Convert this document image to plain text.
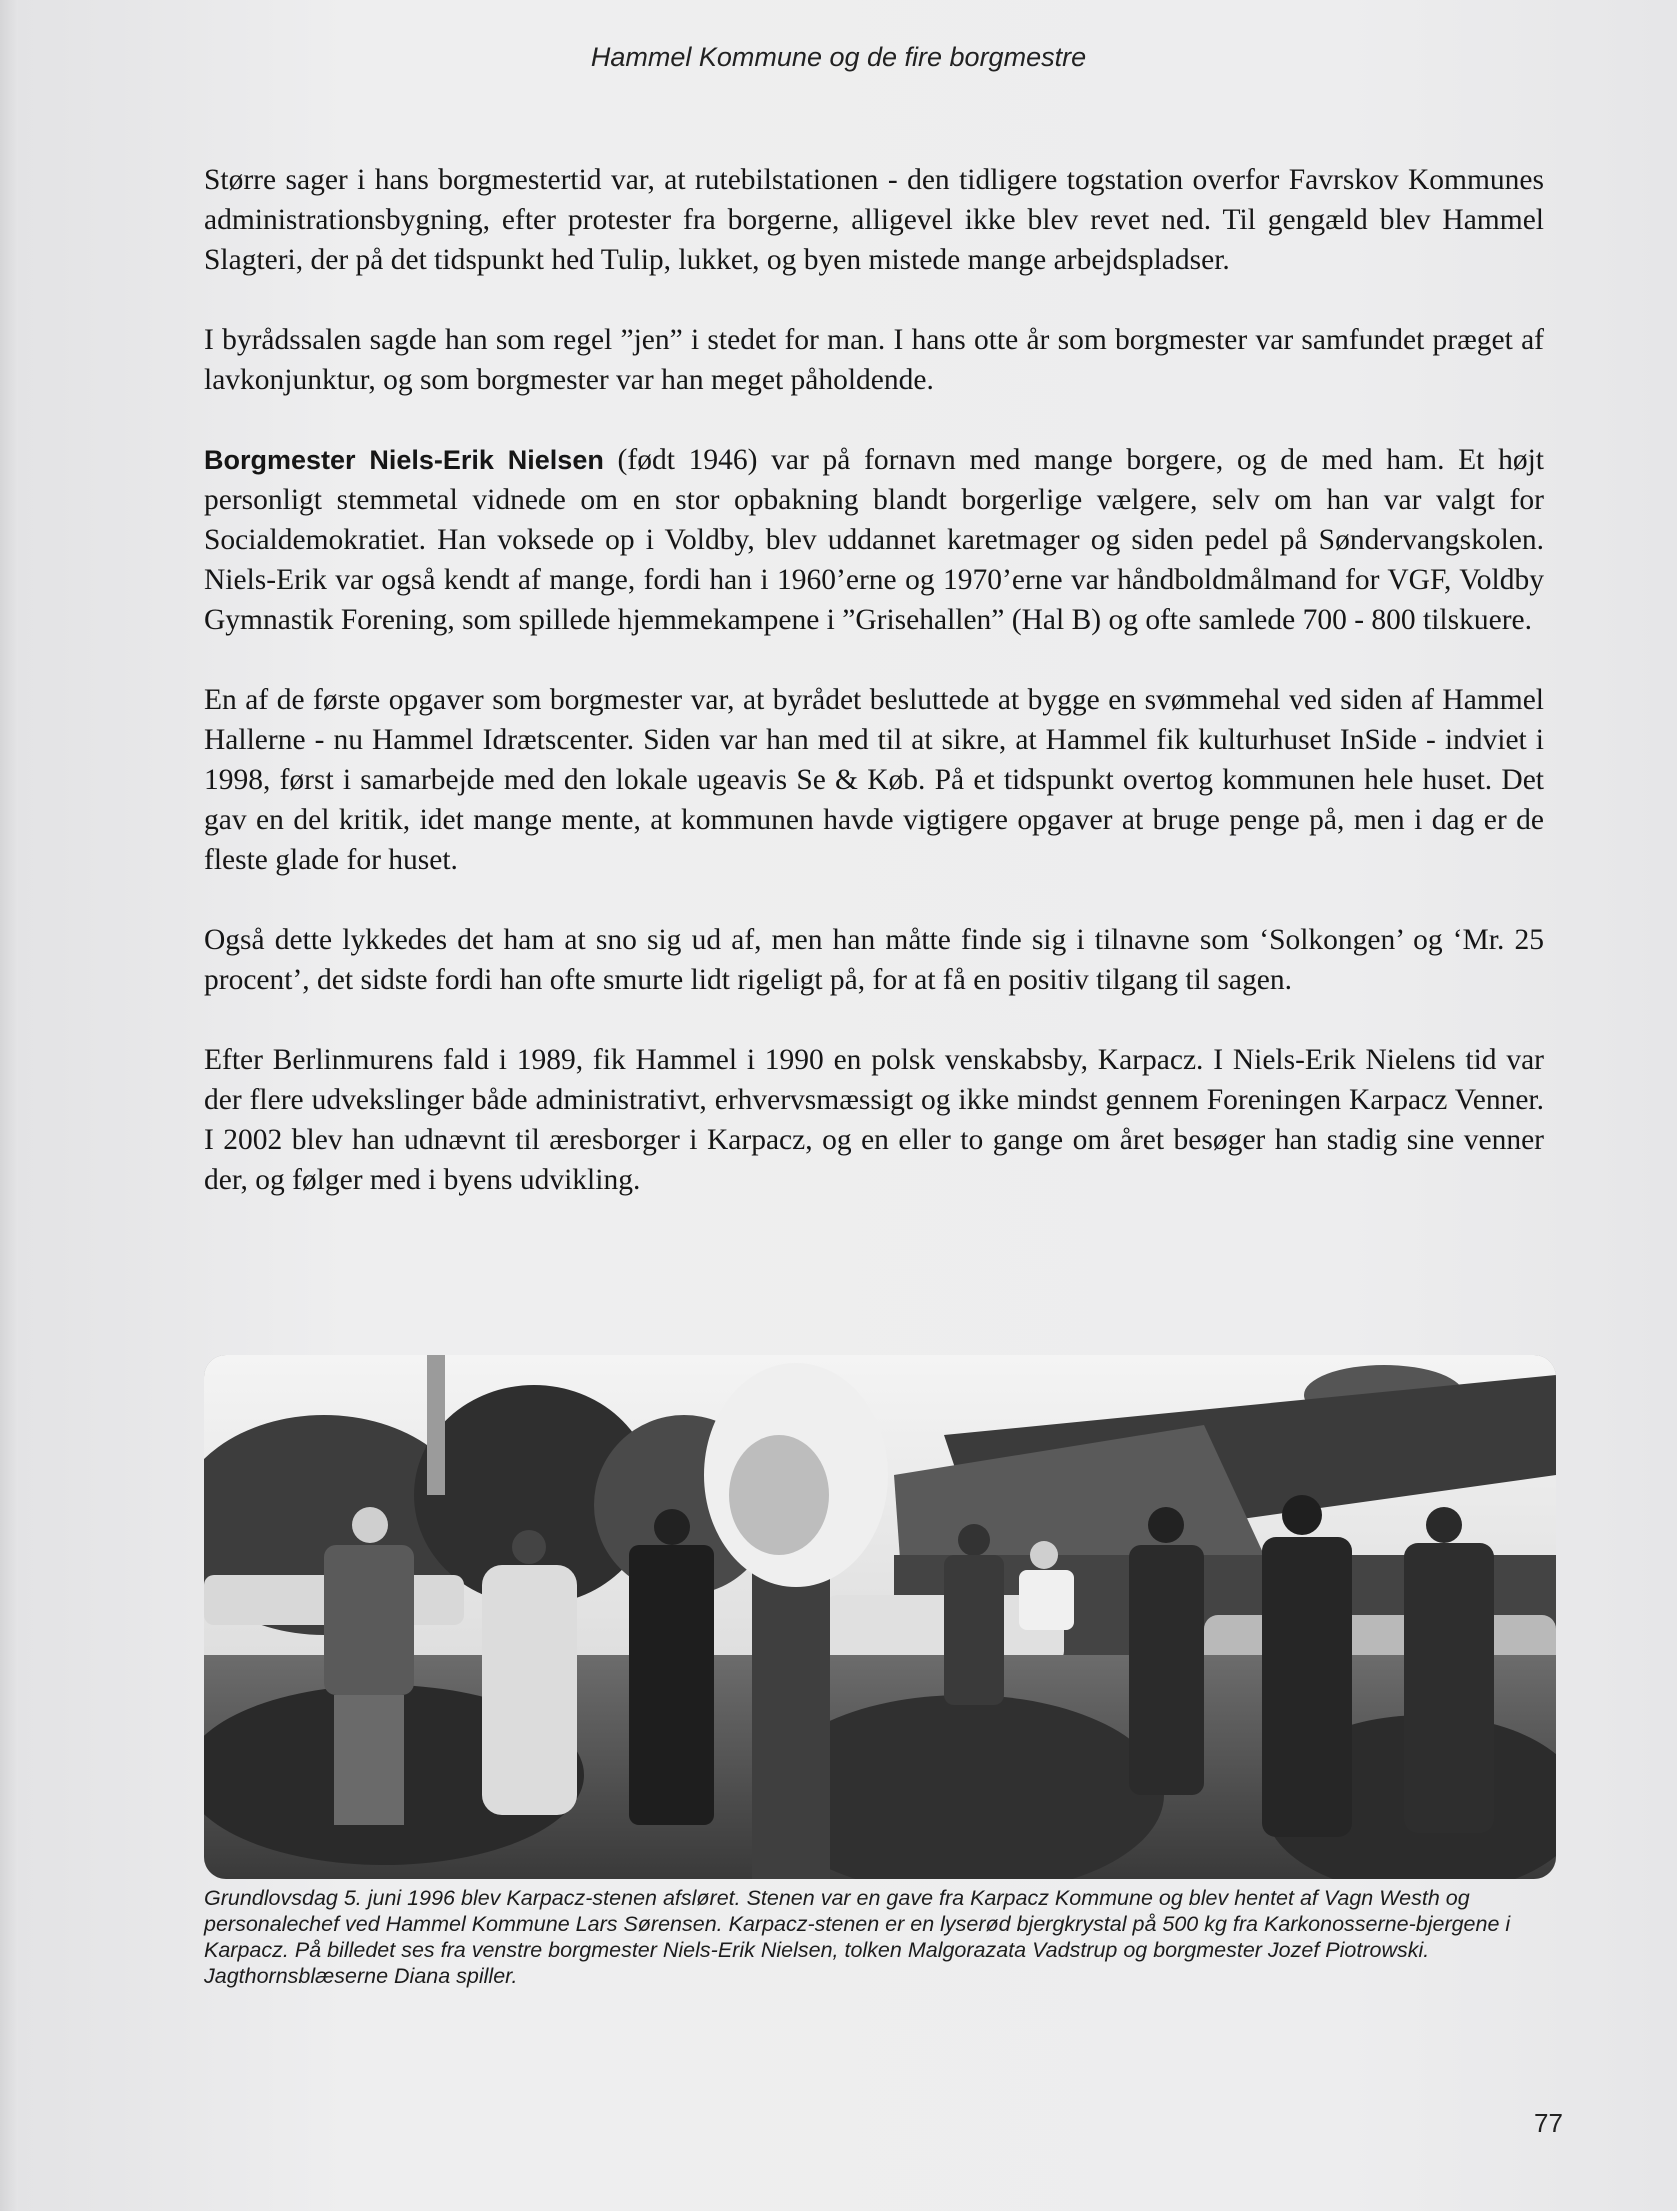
Hammel Kommune og de fire borgmestre

Større sager i hans borgmestertid var, at rutebilstationen - den tidligere togstation overfor Favrskov Kommunes administrationsbygning, efter protester fra borgerne, alligevel ikke blev revet ned. Til gengæld blev Hammel Slagteri, der på det tidspunkt hed Tulip, lukket, og byen mistede mange arbejdspladser.

I byrådssalen sagde han som regel ”jen” i stedet for man. I hans otte år som borgmester var samfundet præget af lavkonjunktur, og som borgmester var han meget påholdende.

Borgmester Niels-Erik Nielsen (født 1946) var på fornavn med mange borgere, og de med ham. Et højt personligt stemmetal vidnede om en stor opbakning blandt borgerlige vælgere, selv om han var valgt for Socialdemokratiet. Han voksede op i Voldby, blev uddannet karetmager og siden pedel på Søndervangskolen. Niels-Erik var også kendt af mange, fordi han i 1960’erne og 1970’erne var håndboldmålmand for VGF, Voldby Gymnastik Forening, som spillede hjemmekampene i ”Grisehallen” (Hal B) og ofte samlede 700 - 800 tilskuere.

En af de første opgaver som borgmester var, at byrådet besluttede at bygge en svømmehal ved siden af Hammel Hallerne - nu Hammel Idrætscenter. Siden var han med til at sikre, at Hammel fik kulturhuset InSide - indviet i 1998, først i samarbejde med den lokale ugeavis Se & Køb. På et tidspunkt overtog kommunen hele huset. Det gav en del kritik, idet mange mente, at kommunen havde vigtigere opgaver at bruge penge på, men i dag er de fleste glade for huset.

Også dette lykkedes det ham at sno sig ud af, men han måtte finde sig i tilnavne som ‘Solkongen’ og ‘Mr. 25 procent’, det sidste fordi han ofte smurte lidt rigeligt på, for at få en positiv tilgang til sagen.

Efter Berlinmurens fald i 1989, fik Hammel i 1990 en polsk venskabsby, Karpacz. I Niels-Erik Nielens tid var der flere udvekslinger både administrativt, erhvervsmæssigt og ikke mindst gennem Foreningen Karpacz Venner. I 2002 blev han udnævnt til æresborger i Karpacz, og en eller to gange om året besøger han stadig sine venner der, og følger med i byens udvikling.

Grundlovsdag 5. juni 1996 blev Karpacz-stenen afsløret. Stenen var en gave fra Karpacz Kommune og blev hentet af Vagn Westh og personalechef ved Hammel Kommune Lars Sørensen. Karpacz-stenen er en lyserød bjergkrystal på 500 kg fra Karkonosserne-bjergene i Karpacz. På billedet ses fra venstre borgmester Niels-Erik Nielsen, tolken Malgorazata Vadstrup og borgmester Jozef Piotrowski. Jagthornsblæserne Diana spiller.
77
